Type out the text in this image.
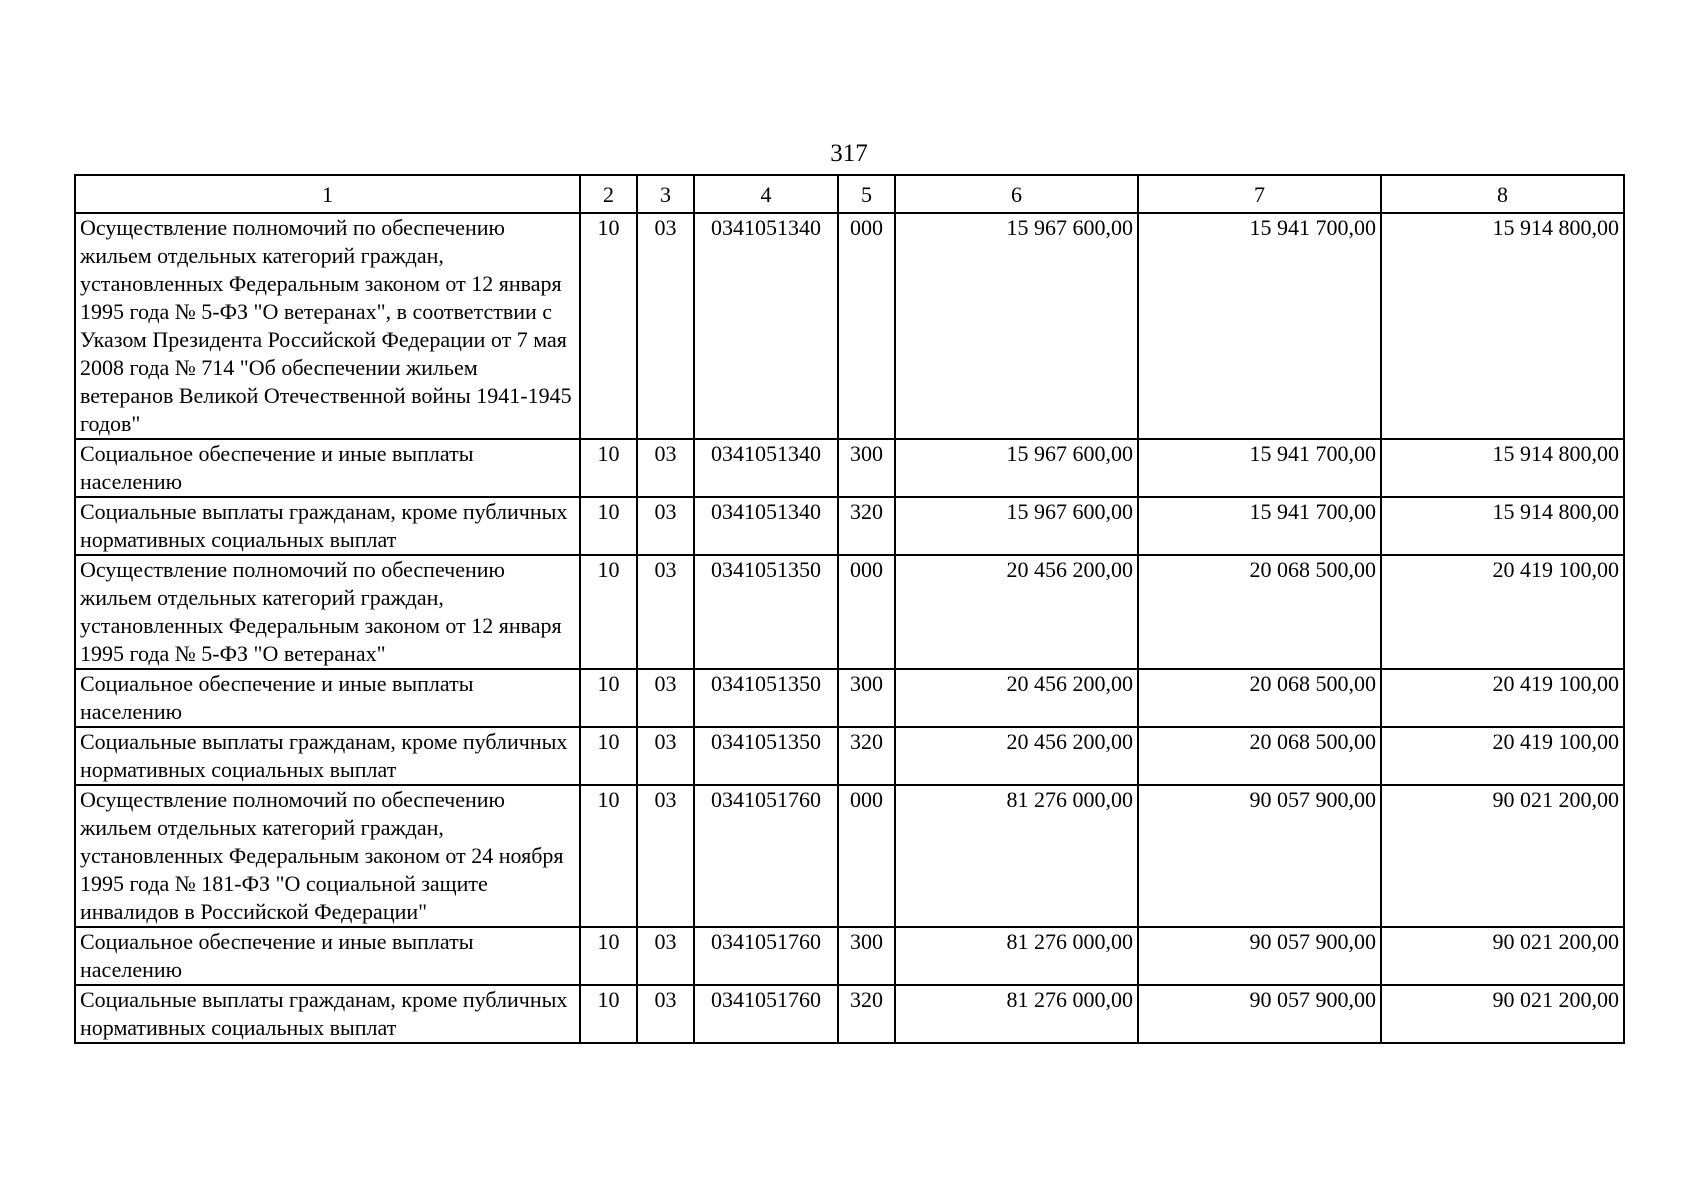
317
1	2	3	4	5	6	7	8
Осуществление полномочий по обеспечению жильем отдельных категорий граждан, установленных Федеральным законом от 12 января 1995 года № 5-ФЗ "О ветеранах", в соответствии с Указом Президента Российской Федерации от 7 мая 2008 года № 714 "Об обеспечении жильем ветеранов Великой Отечественной войны 1941-1945 годов"	10	03	0341051340	000	15 967 600,00	15 941 700,00	15 914 800,00
Социальное обеспечение и иные выплаты населению	10	03	0341051340	300	15 967 600,00	15 941 700,00	15 914 800,00
Социальные выплаты гражданам, кроме публичных нормативных социальных выплат	10	03	0341051340	320	15 967 600,00	15 941 700,00	15 914 800,00
Осуществление полномочий по обеспечению жильем отдельных категорий граждан, установленных Федеральным законом от 12 января 1995 года № 5-ФЗ "О ветеранах"	10	03	0341051350	000	20 456 200,00	20 068 500,00	20 419 100,00
Социальное обеспечение и иные выплаты населению	10	03	0341051350	300	20 456 200,00	20 068 500,00	20 419 100,00
Социальные выплаты гражданам, кроме публичных нормативных социальных выплат	10	03	0341051350	320	20 456 200,00	20 068 500,00	20 419 100,00
Осуществление полномочий по обеспечению жильем отдельных категорий граждан, установленных Федеральным законом от 24 ноября 1995 года № 181-ФЗ "О социальной защите инвалидов в Российской Федерации"	10	03	0341051760	000	81 276 000,00	90 057 900,00	90 021 200,00
Социальное обеспечение и иные выплаты населению	10	03	0341051760	300	81 276 000,00	90 057 900,00	90 021 200,00
Социальные выплаты гражданам, кроме публичных нормативных социальных выплат	10	03	0341051760	320	81 276 000,00	90 057 900,00	90 021 200,00
